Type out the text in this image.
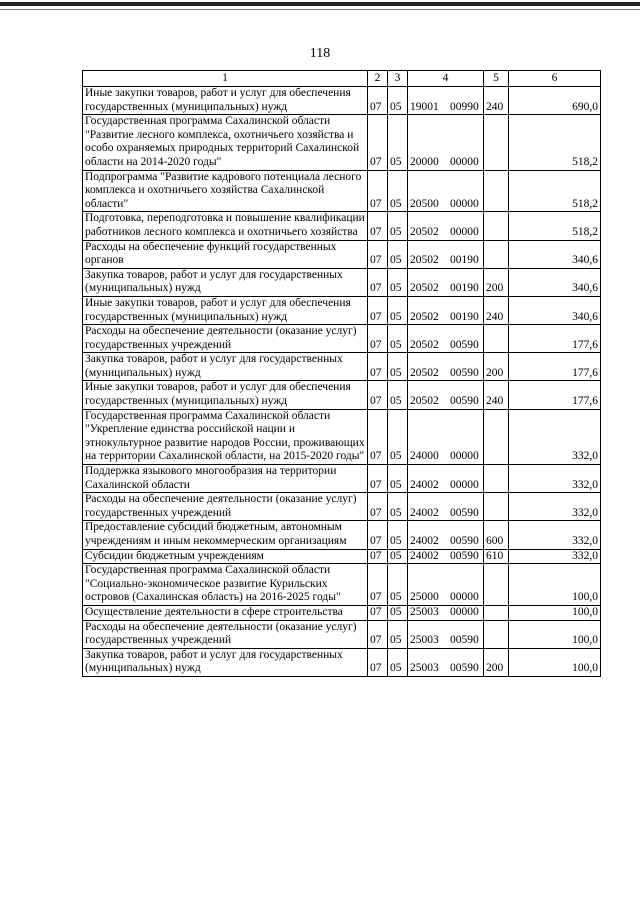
118
1	2	3	4	5	6
Иные закупки товаров, работ и услуг для обеспечения государственных (муниципальных) нужд	07	05	19001 00990	240	690,0
Государственная программа Сахалинской области "Развитие лесного комплекса, охотничьего хозяйства и особо охраняемых природных территорий Сахалинской области на 2014-2020 годы"	07	05	20000 00000		518,2
Подпрограмма "Развитие кадрового потенциала лесного комплекса и охотничьего хозяйства Сахалинской области"	07	05	20500 00000		518,2
Подготовка, переподготовка и повышение квалификации работников лесного комплекса и охотничьего хозяйства	07	05	20502 00000		518,2
Расходы на обеспечение функций государственных органов	07	05	20502 00190		340,6
Закупка товаров, работ и услуг для государственных (муниципальных) нужд	07	05	20502 00190	200	340,6
Иные закупки товаров, работ и услуг для обеспечения государственных (муниципальных) нужд	07	05	20502 00190	240	340,6
Расходы на обеспечение деятельности (оказание услуг) государственных учреждений	07	05	20502 00590		177,6
Закупка товаров, работ и услуг для государственных (муниципальных) нужд	07	05	20502 00590	200	177,6
Иные закупки товаров, работ и услуг для обеспечения государственных (муниципальных) нужд	07	05	20502 00590	240	177,6
Государственная программа Сахалинской области "Укрепление единства российской нации и этнокультурное развитие народов России, проживающих на территории Сахалинской области, на 2015-2020 годы"	07	05	24000 00000		332,0
Поддержка языкового многообразия на территории Сахалинской области	07	05	24002 00000		332,0
Расходы на обеспечение деятельности (оказание услуг) государственных учреждений	07	05	24002 00590		332,0
Предоставление субсидий бюджетным, автономным учреждениям и иным некоммерческим организациям	07	05	24002 00590	600	332,0
Субсидии бюджетным учреждениям	07	05	24002 00590	610	332,0
Государственная программа Сахалинской области "Социально-экономическое развитие Курильских островов (Сахалинская область) на 2016-2025 годы"	07	05	25000 00000		100,0
Осуществление деятельности в сфере строительства	07	05	25003 00000		100,0
Расходы на обеспечение деятельности (оказание услуг) государственных учреждений	07	05	25003 00590		100,0
Закупка товаров, работ и услуг для государственных (муниципальных) нужд	07	05	25003 00590	200	100,0
